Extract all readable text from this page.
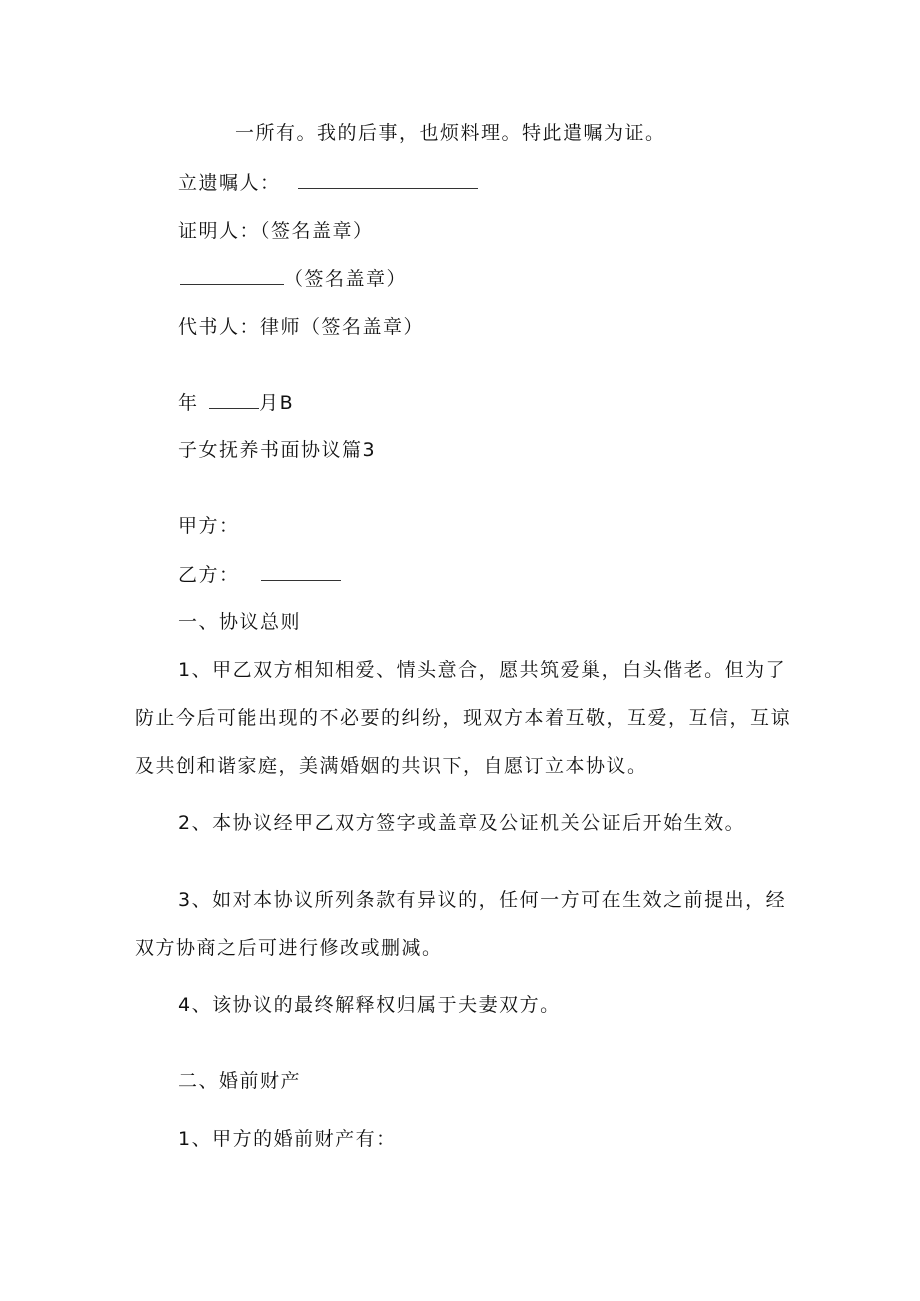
一所有。我的后事，也烦料理。特此遣嘱为证。
立遗嘱人：
证明人：（签名盖章）
（签名盖章）
代书人：律师（签名盖章）
年	月B
子女抚养书面协议篇3
甲方：
乙方：
一、协议总则
1、甲乙双方相知相爱、情头意合，愿共筑爱巢，白头偕老。但为了
防止今后可能出现的不必要的纠纷，现双方本着互敬，互爱，互信，互谅
及共创和谐家庭，美满婚姻的共识下，自愿订立本协议。
2、本协议经甲乙双方签字或盖章及公证机关公证后开始生效。
3、如对本协议所列条款有异议的，任何一方可在生效之前提出，经
双方协商之后可进行修改或删减。
4、该协议的最终解释权归属于夫妻双方。
二、婚前财产
1、甲方的婚前财产有：
